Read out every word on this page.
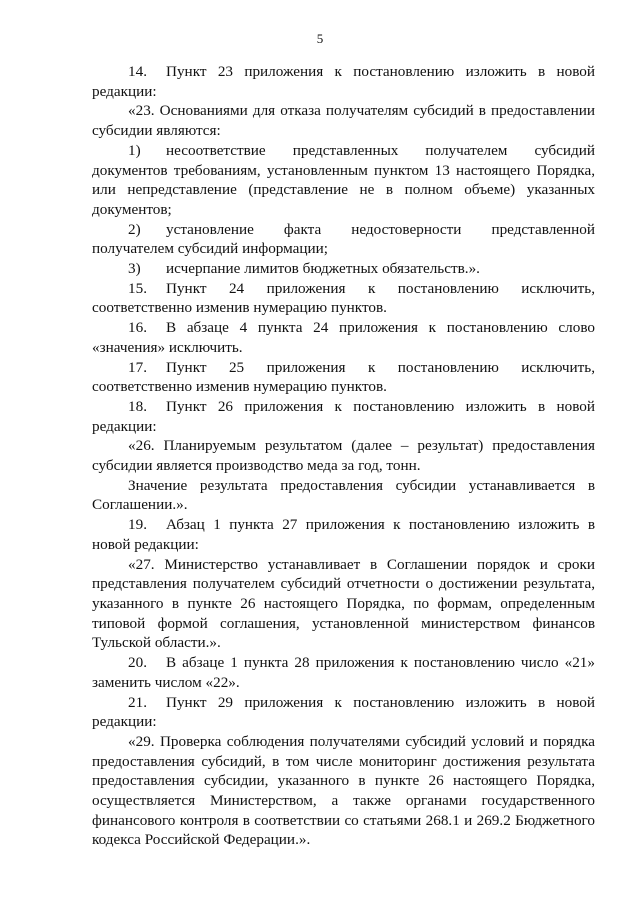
5

14. Пункт 23 приложения к постановлению изложить в новой редакции:

«23. Основаниями для отказа получателям субсидий в предоставлении субсидии являются:

1) несоответствие представленных получателем субсидий документов требованиям, установленным пунктом 13 настоящего Порядка, или непредставление (представление не в полном объеме) указанных документов;

2) установление факта недостоверности представленной получателем субсидий информации;

3) исчерпание лимитов бюджетных обязательств.».

15. Пункт 24 приложения к постановлению исключить, соответственно изменив нумерацию пунктов.

16. В абзаце 4 пункта 24 приложения к постановлению слово «значения» исключить.

17. Пункт 25 приложения к постановлению исключить, соответственно изменив нумерацию пунктов.

18. Пункт 26 приложения к постановлению изложить в новой редакции:

«26. Планируемым результатом (далее – результат) предоставления субсидии является производство меда за год, тонн.

Значение результата предоставления субсидии устанавливается в Соглашении.».

19. Абзац 1 пункта 27 приложения к постановлению изложить в новой редакции:

«27. Министерство устанавливает в Соглашении порядок и сроки представления получателем субсидий отчетности о достижении результата, указанного в пункте 26 настоящего Порядка, по формам, определенным типовой формой соглашения, установленной министерством финансов Тульской области.».

20. В абзаце 1 пункта 28 приложения к постановлению число «21» заменить числом «22».

21. Пункт 29 приложения к постановлению изложить в новой редакции:

«29. Проверка соблюдения получателями субсидий условий и порядка предоставления субсидий, в том числе мониторинг достижения результата предоставления субсидии, указанного в пункте 26 настоящего Порядка, осуществляется Министерством, а также органами государственного финансового контроля в соответствии со статьями 268.1 и 269.2 Бюджетного кодекса Российской Федерации.».
